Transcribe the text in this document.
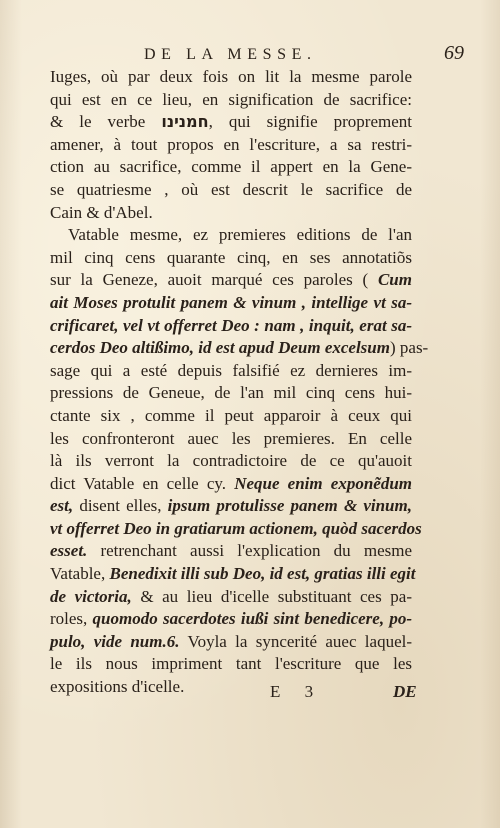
DE LA MESSE.	69
Iuges, où par deux fois on lit la mesme parole
qui est en ce lieu, en signification de sacrifice:
& le verbe חמנינו, qui signifie proprement
amener, à tout propos en l'escriture, a sa restri-
ction au sacrifice, comme il appert en la Gene-
se quatriesme , où est descrit le sacrifice de
Cain & d'Abel.
Vatable mesme, ez premieres editions de l'an
mil cinq cens quarante cinq, en ses annotatiõs
sur la Geneze, auoit marqué ces paroles ( Cum
ait Moses protulit panem & vinum , intellige vt sa-
crificaret, vel vt offerret Deo : nam , inquit, erat sa-
cerdos Deo altißimo, id est apud Deum excelsum) pas-
sage qui a esté depuis falsifié ez dernieres im-
pressions de Geneue, de l'an mil cinq cens hui-
ctante six , comme il peut apparoir à ceux qui
les confronteront auec les premieres. En celle
là ils verront la contradictoire de ce qu'auoit
dict Vatable en celle cy. Neque enim exponẽdum
est, disent elles, ipsum protulisse panem & vinum,
vt offerret Deo in gratiarum actionem, quòd sacerdos
esset. retrenchant aussi l'explication du mesme
Vatable, Benedixit illi sub Deo, id est, gratias illi egit
de victoria, & au lieu d'icelle substituant ces pa-
roles, quomodo sacerdotes iußi sint benedicere, po-
pulo, vide num.6. Voyla la syncerité auec laquel-
le ils nous impriment tant l'escriture que les
expositions d'icelle.	E 3	DE
